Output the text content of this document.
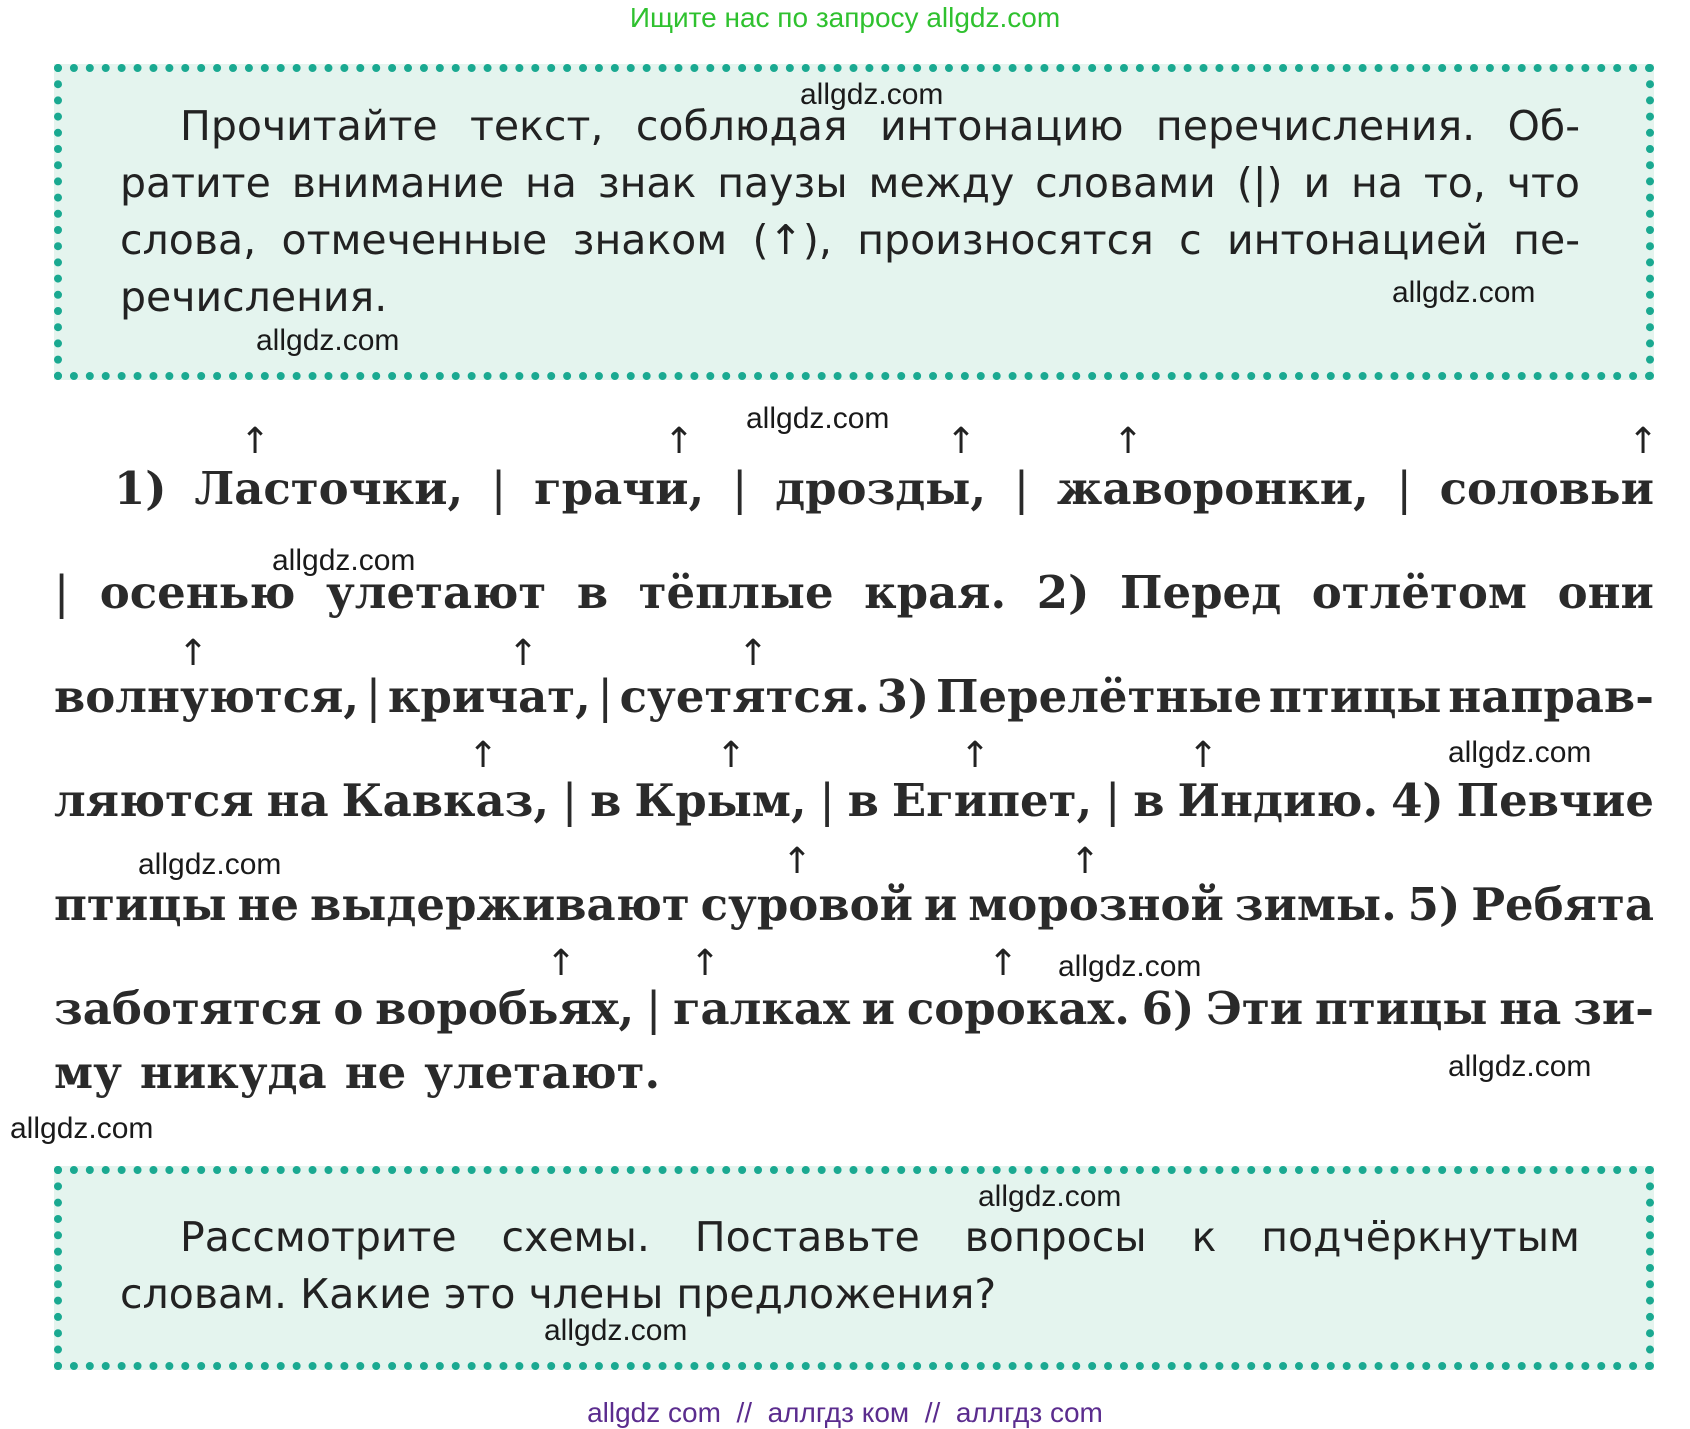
Ищите нас по запросу allgdz.com
Прочитайте текст, соблюдая интонацию перечисления. Об-
ратите внимание на знак паузы между словами (|) и на то, что
слова, отмеченные знаком (↑), произносятся с интонацией пе-
речисления.
1) Ласточки, | грачи, | дрозды, | жаворонки, | соловьи
| осенью улетают в тёплые края. 2) Перед отлётом они
волнуются, | кричат, | суетятся. 3) Перелётные птицы направ-
ляются на Кавказ, | в Крым, | в Египет, | в Индию. 4) Певчие
птицы не выдерживают суровой и морозной зимы. 5) Ребята
заботятся о воробьях, | галках и сороках. 6) Эти птицы на зи-
му никуда не улетают.
↑	↑	↑	↑	↑
↑	↑	↑
↑	↑	↑	↑
↑	↑
↑	↑	↑
Рассмотрите схемы. Поставьте вопросы к подчёркнутым
словам. Какие это члены предложения?
allgdz.com
allgdz.com
allgdz.com
allgdz.com
allgdz.com
allgdz.com
allgdz.com
allgdz.com
allgdz.com
allgdz.com
allgdz.com
allgdz.com
allgdz com  //  аллгдз ком  //  аллгдз com
